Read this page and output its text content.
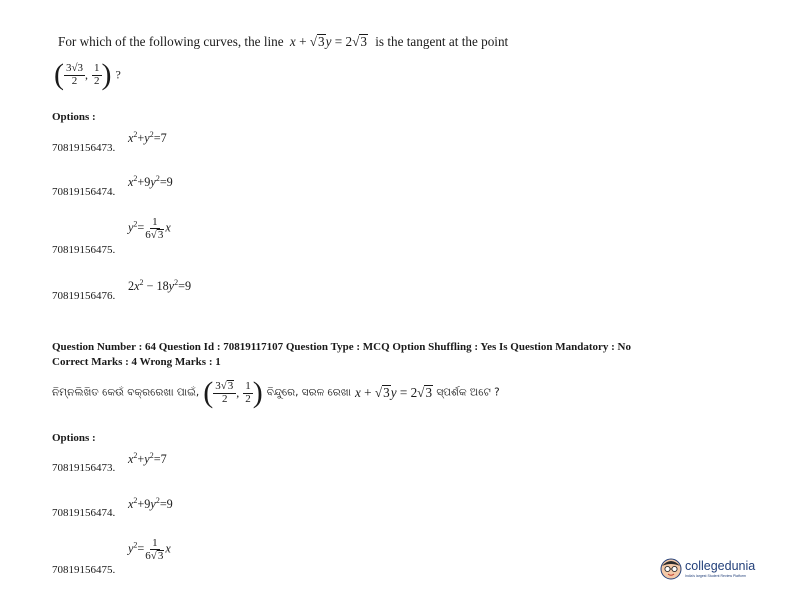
For which of the following curves, the line x + √3y = 2√3 is the tangent at the point
( $\frac{3√3}{2}$ , $\frac{1}{2}$ ) ?
Options :
$x^2+y^2=7$
70819156473.
$x^2+9y^2=9$
70819156474.
$y^2= \frac{1}{6√3}$ x
70819156475.
$2x^2 - 18y^2=9$
70819156476.
Question Number : 64 Question Id : 70819117107 Question Type : MCQ Option Shuffling : Yes Is Question Mandatory : No
Correct Marks : 4 Wrong Marks : 1
ନିମ୍ନଲିଖିତ କେଉଁ ବକ୍ରରେଖା ପାଇଁ, ( $\frac{3√3}{2}$ , $\frac{1}{2}$ ) ବିନ୍ଦୁରେ, ସରଳ ରେଖା x + √3y = 2√3 ସ୍ପର୍ଶକ ଅଟେ ?
Options :
$x^2+y^2=7$
70819156473.
$x^2+9y^2=9$
70819156474.
$y^2= \frac{1}{6√3}$ x
70819156475.	collegedunia
India's largest Student Review Platform
